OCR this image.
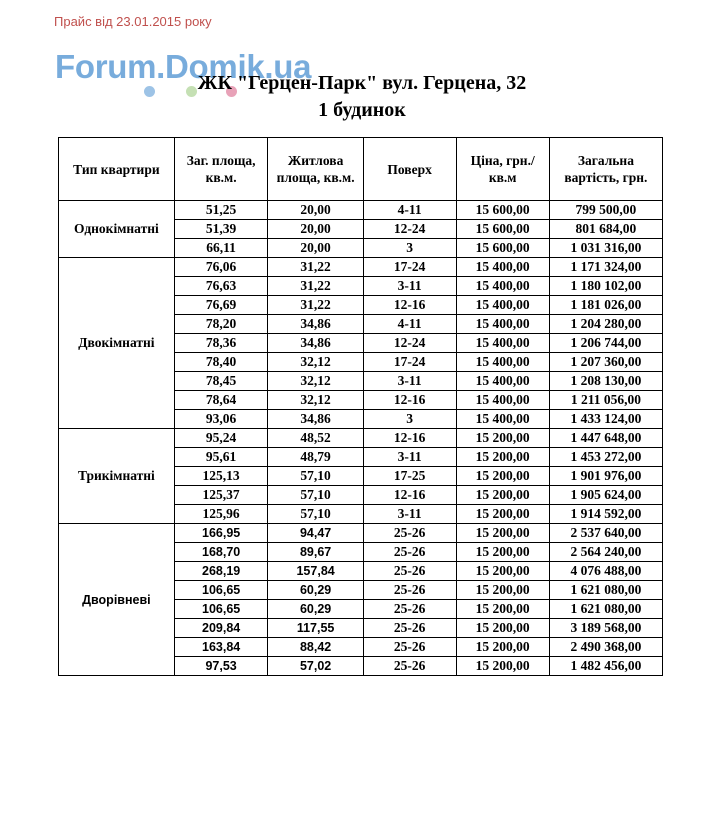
Прайс від 23.01.2015 року
Forum.Domik.ua
ЖК "Герцен-Парк" вул. Герцена, 32
1 будинок
Тип квартири	Заг. площа, кв.м.	Житлова площа, кв.м.	Поверх	Ціна, грн./кв.м	Загальна вартість, грн.
Однокімнатні	51,25	20,00	4-11	15 600,00	799 500,00
	51,39	20,00	12-24	15 600,00	801 684,00
	66,11	20,00	3	15 600,00	1 031 316,00
Двокімнатні	76,06	31,22	17-24	15 400,00	1 171 324,00
	76,63	31,22	3-11	15 400,00	1 180 102,00
	76,69	31,22	12-16	15 400,00	1 181 026,00
	78,20	34,86	4-11	15 400,00	1 204 280,00
	78,36	34,86	12-24	15 400,00	1 206 744,00
	78,40	32,12	17-24	15 400,00	1 207 360,00
	78,45	32,12	3-11	15 400,00	1 208 130,00
	78,64	32,12	12-16	15 400,00	1 211 056,00
	93,06	34,86	3	15 400,00	1 433 124,00
Трикімнатні	95,24	48,52	12-16	15 200,00	1 447 648,00
	95,61	48,79	3-11	15 200,00	1 453 272,00
	125,13	57,10	17-25	15 200,00	1 901 976,00
	125,37	57,10	12-16	15 200,00	1 905 624,00
	125,96	57,10	3-11	15 200,00	1 914 592,00
Дворівневі	166,95	94,47	25-26	15 200,00	2 537 640,00
	168,70	89,67	25-26	15 200,00	2 564 240,00
	268,19	157,84	25-26	15 200,00	4 076 488,00
	106,65	60,29	25-26	15 200,00	1 621 080,00
	106,65	60,29	25-26	15 200,00	1 621 080,00
	209,84	117,55	25-26	15 200,00	3 189 568,00
	163,84	88,42	25-26	15 200,00	2 490 368,00
	97,53	57,02	25-26	15 200,00	1 482 456,00
